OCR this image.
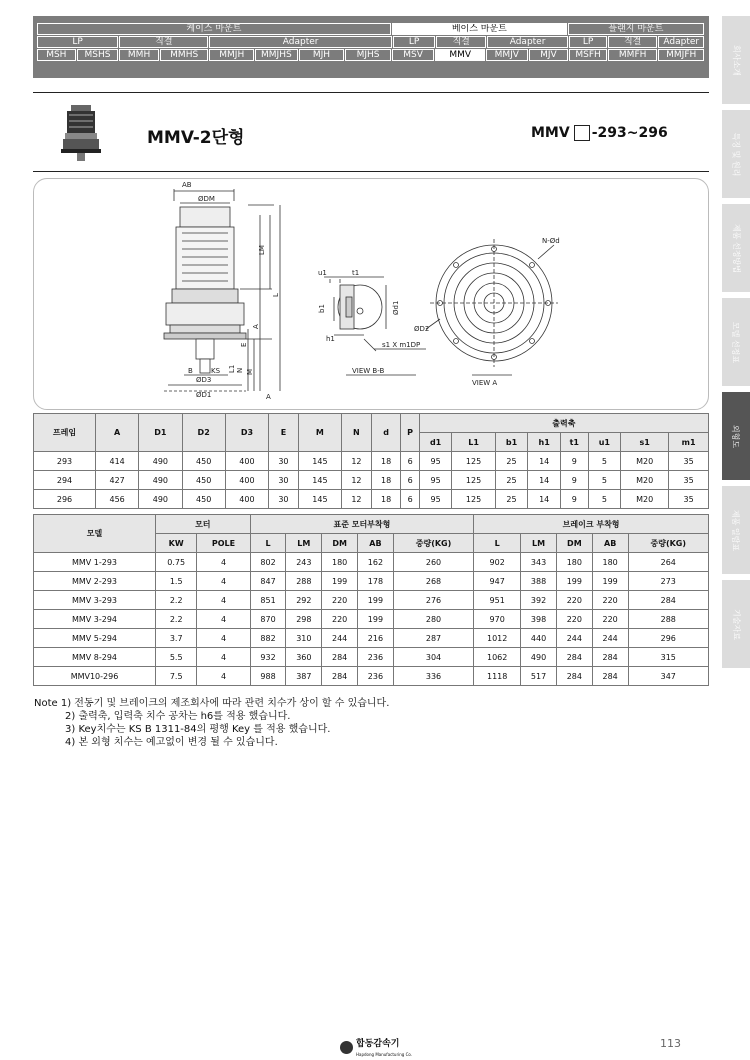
케이스 마운트	베이스 마운트	플랜지 마운트
LP	직결	Adapter	LP	직결	Adapter	LP	직결	Adapter
MSH	MSHS	MMH	MMHS	MMJH	MMJHS	MJH	MJHS	MSV	MMV	MMJV	MJV	MSFH	MMFH	MMJFH	회사소개
특징 및 원리
제품 선정방법
모델 선정표
외형도
제품 일람표
기술자료
MMV-2단형	MMV -293~296
AB
ØDM
LM
L
A
E
M
B	KS L1 N
ØD3
ØD1	A
u1	t1
b1
h1
Ød1
s1 X m1DP
VIEW B-B
N-Ød
ØD2
VIEW A
프레임	A	D1	D2	D3	E	M	N	d	P	출력축							
										d1	L1	b1	h1	t1	u1	s1	m1
293	414	490	450	400	30	145	12	18	6	95	125	25	14	9	5	M20	35
294	427	490	450	400	30	145	12	18	6	95	125	25	14	9	5	M20	35
296	456	490	450	400	30	145	12	18	6	95	125	25	14	9	5	M20	35
모델	모터		표준 모터부착형					브레이크 부착형				
	KW	POLE	L	LM	DM	AB	중량(KG)	L	LM	DM	AB	중량(KG)
MMV 1-293	0.75	4	802	243	180	162	260	902	343	180	180	264
MMV 2-293	1.5	4	847	288	199	178	268	947	388	199	199	273
MMV 3-293	2.2	4	851	292	220	199	276	951	392	220	220	284
MMV 3-294	2.2	4	870	298	220	199	280	970	398	220	220	288
MMV 5-294	3.7	4	882	310	244	216	287	1012	440	244	244	296
MMV 8-294	5.5	4	932	360	284	236	304	1062	490	284	284	315
MMV10-296	7.5	4	988	387	284	236	336	1118	517	284	284	347
Note 1) 전동기 및 브레이크의 제조회사에 따라 관련 치수가 상이 할 수 있습니다.
2) 출력축, 입력축 치수 공차는 h6를 적용 했습니다.
3) Key치수는 KS B 1311-84의 평행 Key 를 적용 했습니다.
4) 본 외형 치수는 예고없이 변경 될 수 있습니다.
합동감속기
Hapdong Manufacturing Co.
113
